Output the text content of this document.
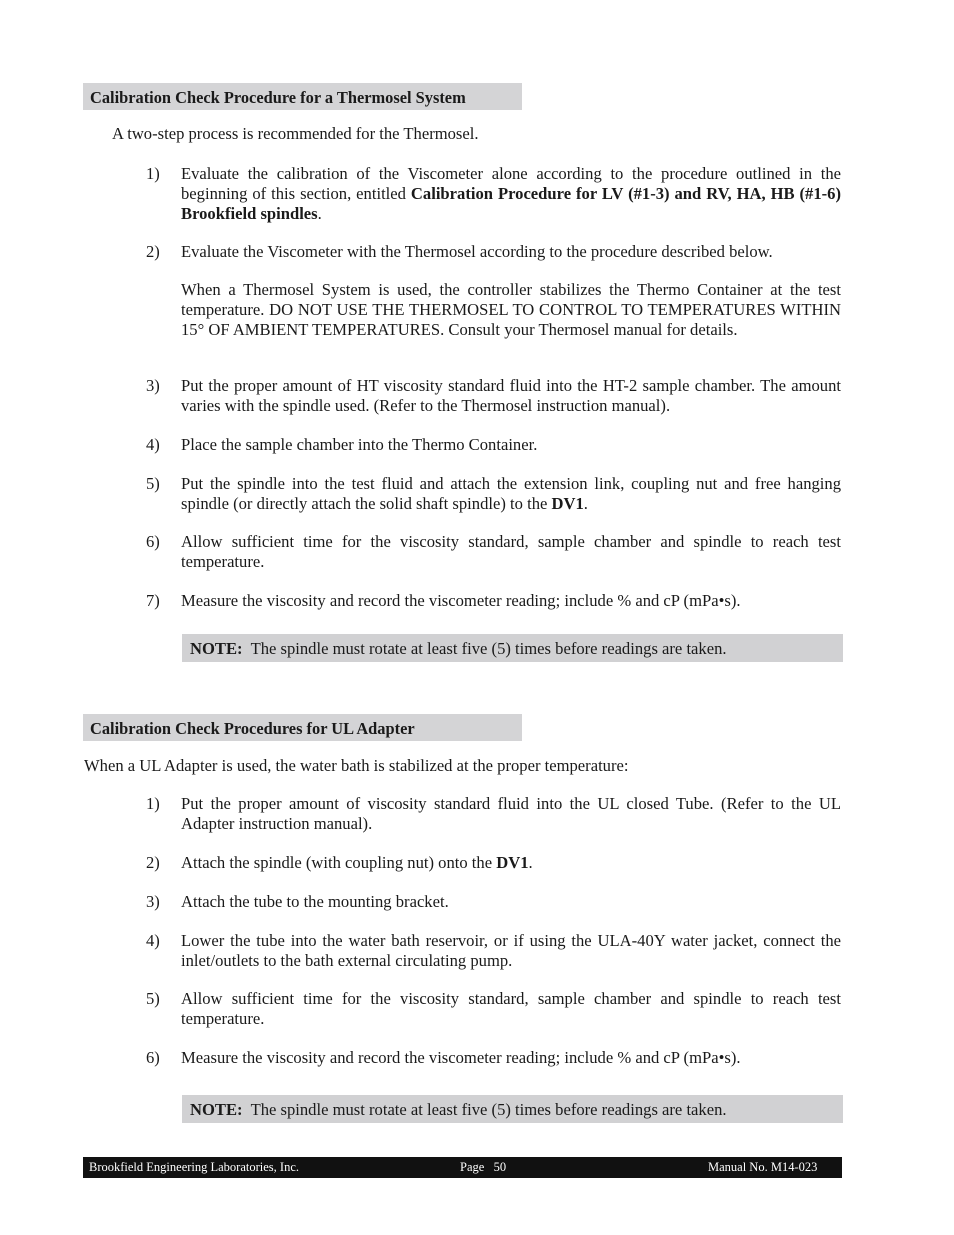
Calibration Check Procedure for a Thermosel System

A two-step process is recommended for the Thermosel.

1) Evaluate the calibration of the Viscometer alone according to the procedure outlined in the beginning of this section, entitled Calibration Procedure for LV (#1-3) and RV, HA, HB (#1-6) Brookfield spindles.
2) Evaluate the Viscometer with the Thermosel according to the procedure described below.
When a Thermosel System is used, the controller stabilizes the Thermo Container at the test temperature. DO NOT USE THE THERMOSEL TO CONTROL TO TEMPERATURES WITHIN 15° OF AMBIENT TEMPERATURES. Consult your Thermosel manual for details.
3) Put the proper amount of HT viscosity standard fluid into the HT-2 sample chamber. The amount varies with the spindle used. (Refer to the Thermosel instruction manual).
4) Place the sample chamber into the Thermo Container.
5) Put the spindle into the test fluid and attach the extension link, coupling nut and free hanging spindle (or directly attach the solid shaft spindle) to the DV1.
6) Allow sufficient time for the viscosity standard, sample chamber and spindle to reach test temperature.
7) Measure the viscosity and record the viscometer reading; include % and cP (mPa•s).
NOTE: The spindle must rotate at least five (5) times before readings are taken.
Calibration Check Procedures for UL Adapter

When a UL Adapter is used, the water bath is stabilized at the proper temperature:

1) Put the proper amount of viscosity standard fluid into the UL closed Tube. (Refer to the UL Adapter instruction manual).
2) Attach the spindle (with coupling nut) onto the DV1.
3) Attach the tube to the mounting bracket.
4) Lower the tube into the water bath reservoir, or if using the ULA-40Y water jacket, connect the inlet/outlets to the bath external circulating pump.
5) Allow sufficient time for the viscosity standard, sample chamber and spindle to reach test temperature.
6) Measure the viscosity and record the viscometer reading; include % and cP (mPa•s).
NOTE: The spindle must rotate at least five (5) times before readings are taken.
Brookfield Engineering Laboratories, Inc.	Page   50	Manual No. M14-023
